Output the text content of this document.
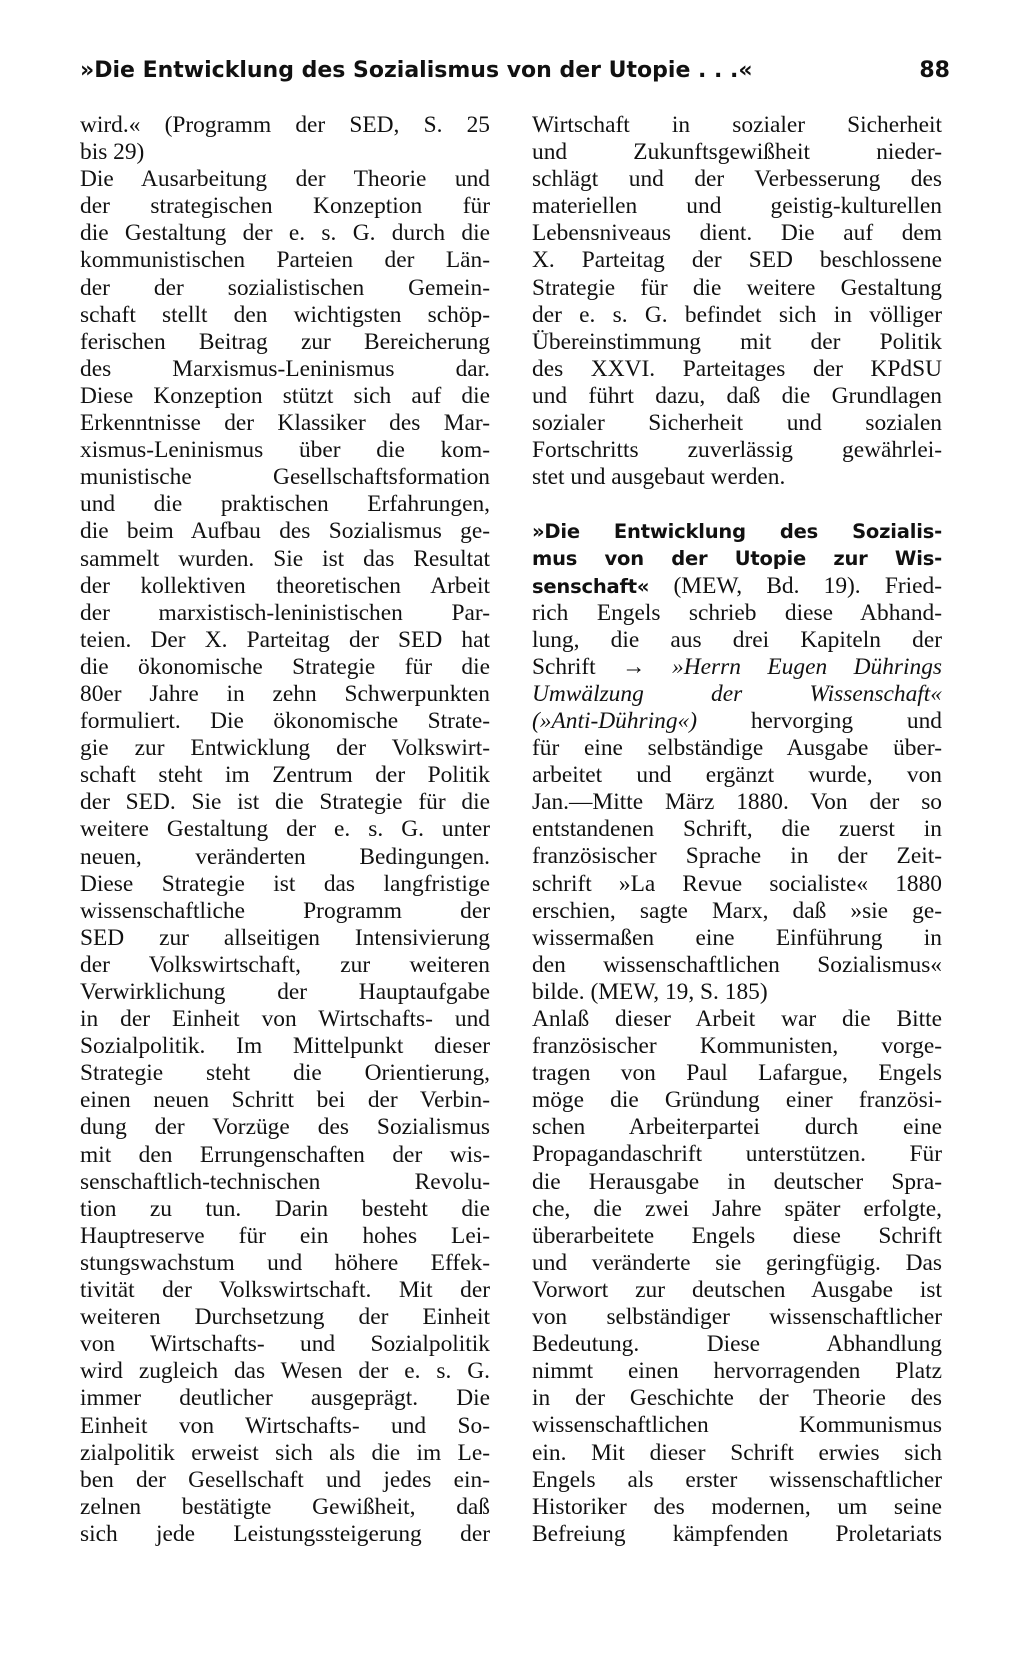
»Die Entwicklung des Sozialismus von der Utopie . . .«	88

wird.« (Programm der SED, S. 25

bis 29)

Die Ausarbeitung der Theorie und

der strategischen Konzeption für

die Gestaltung der e. s. G. durch die

kommunistischen Parteien der Län-

der der sozialistischen Gemein-

schaft stellt den wichtigsten schöp-

ferischen Beitrag zur Bereicherung

des Marxismus-Leninismus dar.

Diese Konzeption stützt sich auf die

Erkenntnisse der Klassiker des Mar-

xismus-Leninismus über die kom-

munistische Gesellschaftsformation

und die praktischen Erfahrungen,

die beim Aufbau des Sozialismus ge-

sammelt wurden. Sie ist das Resultat

der kollektiven theoretischen Arbeit

der marxistisch-leninistischen Par-

teien. Der X. Parteitag der SED hat

die ökonomische Strategie für die

80er Jahre in zehn Schwerpunkten

formuliert. Die ökonomische Strate-

gie zur Entwicklung der Volkswirt-

schaft steht im Zentrum der Politik

der SED. Sie ist die Strategie für die

weitere Gestaltung der e. s. G. unter

neuen, veränderten Bedingungen.

Diese Strategie ist das langfristige

wissenschaftliche Programm der

SED zur allseitigen Intensivierung

der Volkswirtschaft, zur weiteren

Verwirklichung der Hauptaufgabe

in der Einheit von Wirtschafts- und

Sozialpolitik. Im Mittelpunkt dieser

Strategie steht die Orientierung,

einen neuen Schritt bei der Verbin-

dung der Vorzüge des Sozialismus

mit den Errungenschaften der wis-

senschaftlich-technischen Revolu-

tion zu tun. Darin besteht die

Hauptreserve für ein hohes Lei-

stungswachstum und höhere Effek-

tivität der Volkswirtschaft. Mit der

weiteren Durchsetzung der Einheit

von Wirtschafts- und Sozialpolitik

wird zugleich das Wesen der e. s. G.

immer deutlicher ausgeprägt. Die

Einheit von Wirtschafts- und So-

zialpolitik erweist sich als die im Le-

ben der Gesellschaft und jedes ein-

zelnen bestätigte Gewißheit, daß

sich jede Leistungssteigerung der

Wirtschaft in sozialer Sicherheit

und Zukunftsgewißheit nieder-

schlägt und der Verbesserung des

materiellen und geistig-kulturellen

Lebensniveaus dient. Die auf dem

X. Parteitag der SED beschlossene

Strategie für die weitere Gestaltung

der e. s. G. befindet sich in völliger

Übereinstimmung mit der Politik

des XXVI. Parteitages der KPdSU

und führt dazu, daß die Grundlagen

sozialer Sicherheit und sozialen

Fortschritts zuverlässig gewährlei-

stet und ausgebaut werden.

»Die Entwicklung des Sozialis-

mus von der Utopie zur Wis-

senschaft« (MEW, Bd. 19). Fried-

rich Engels schrieb diese Abhand-

lung, die aus drei Kapiteln der

Schrift → »Herrn Eugen Dührings

Umwälzung der Wissenschaft«

(»Anti-Dühring«) hervorging und

für eine selbständige Ausgabe über-

arbeitet und ergänzt wurde, von

Jan.—Mitte März 1880. Von der so

entstandenen Schrift, die zuerst in

französischer Sprache in der Zeit-

schrift »La Revue socialiste« 1880

erschien, sagte Marx, daß »sie ge-

wissermaßen eine Einführung in

den wissenschaftlichen Sozialismus«

bilde. (MEW, 19, S. 185)

Anlaß dieser Arbeit war die Bitte

französischer Kommunisten, vorge-

tragen von Paul Lafargue, Engels

möge die Gründung einer französi-

schen Arbeiterpartei durch eine

Propagandaschrift unterstützen. Für

die Herausgabe in deutscher Spra-

che, die zwei Jahre später erfolgte,

überarbeitete Engels diese Schrift

und veränderte sie geringfügig. Das

Vorwort zur deutschen Ausgabe ist

von selbständiger wissenschaftlicher

Bedeutung. Diese Abhandlung

nimmt einen hervorragenden Platz

in der Geschichte der Theorie des

wissenschaftlichen Kommunismus

ein. Mit dieser Schrift erwies sich

Engels als erster wissenschaftlicher

Historiker des modernen, um seine

Befreiung kämpfenden Proletariats
